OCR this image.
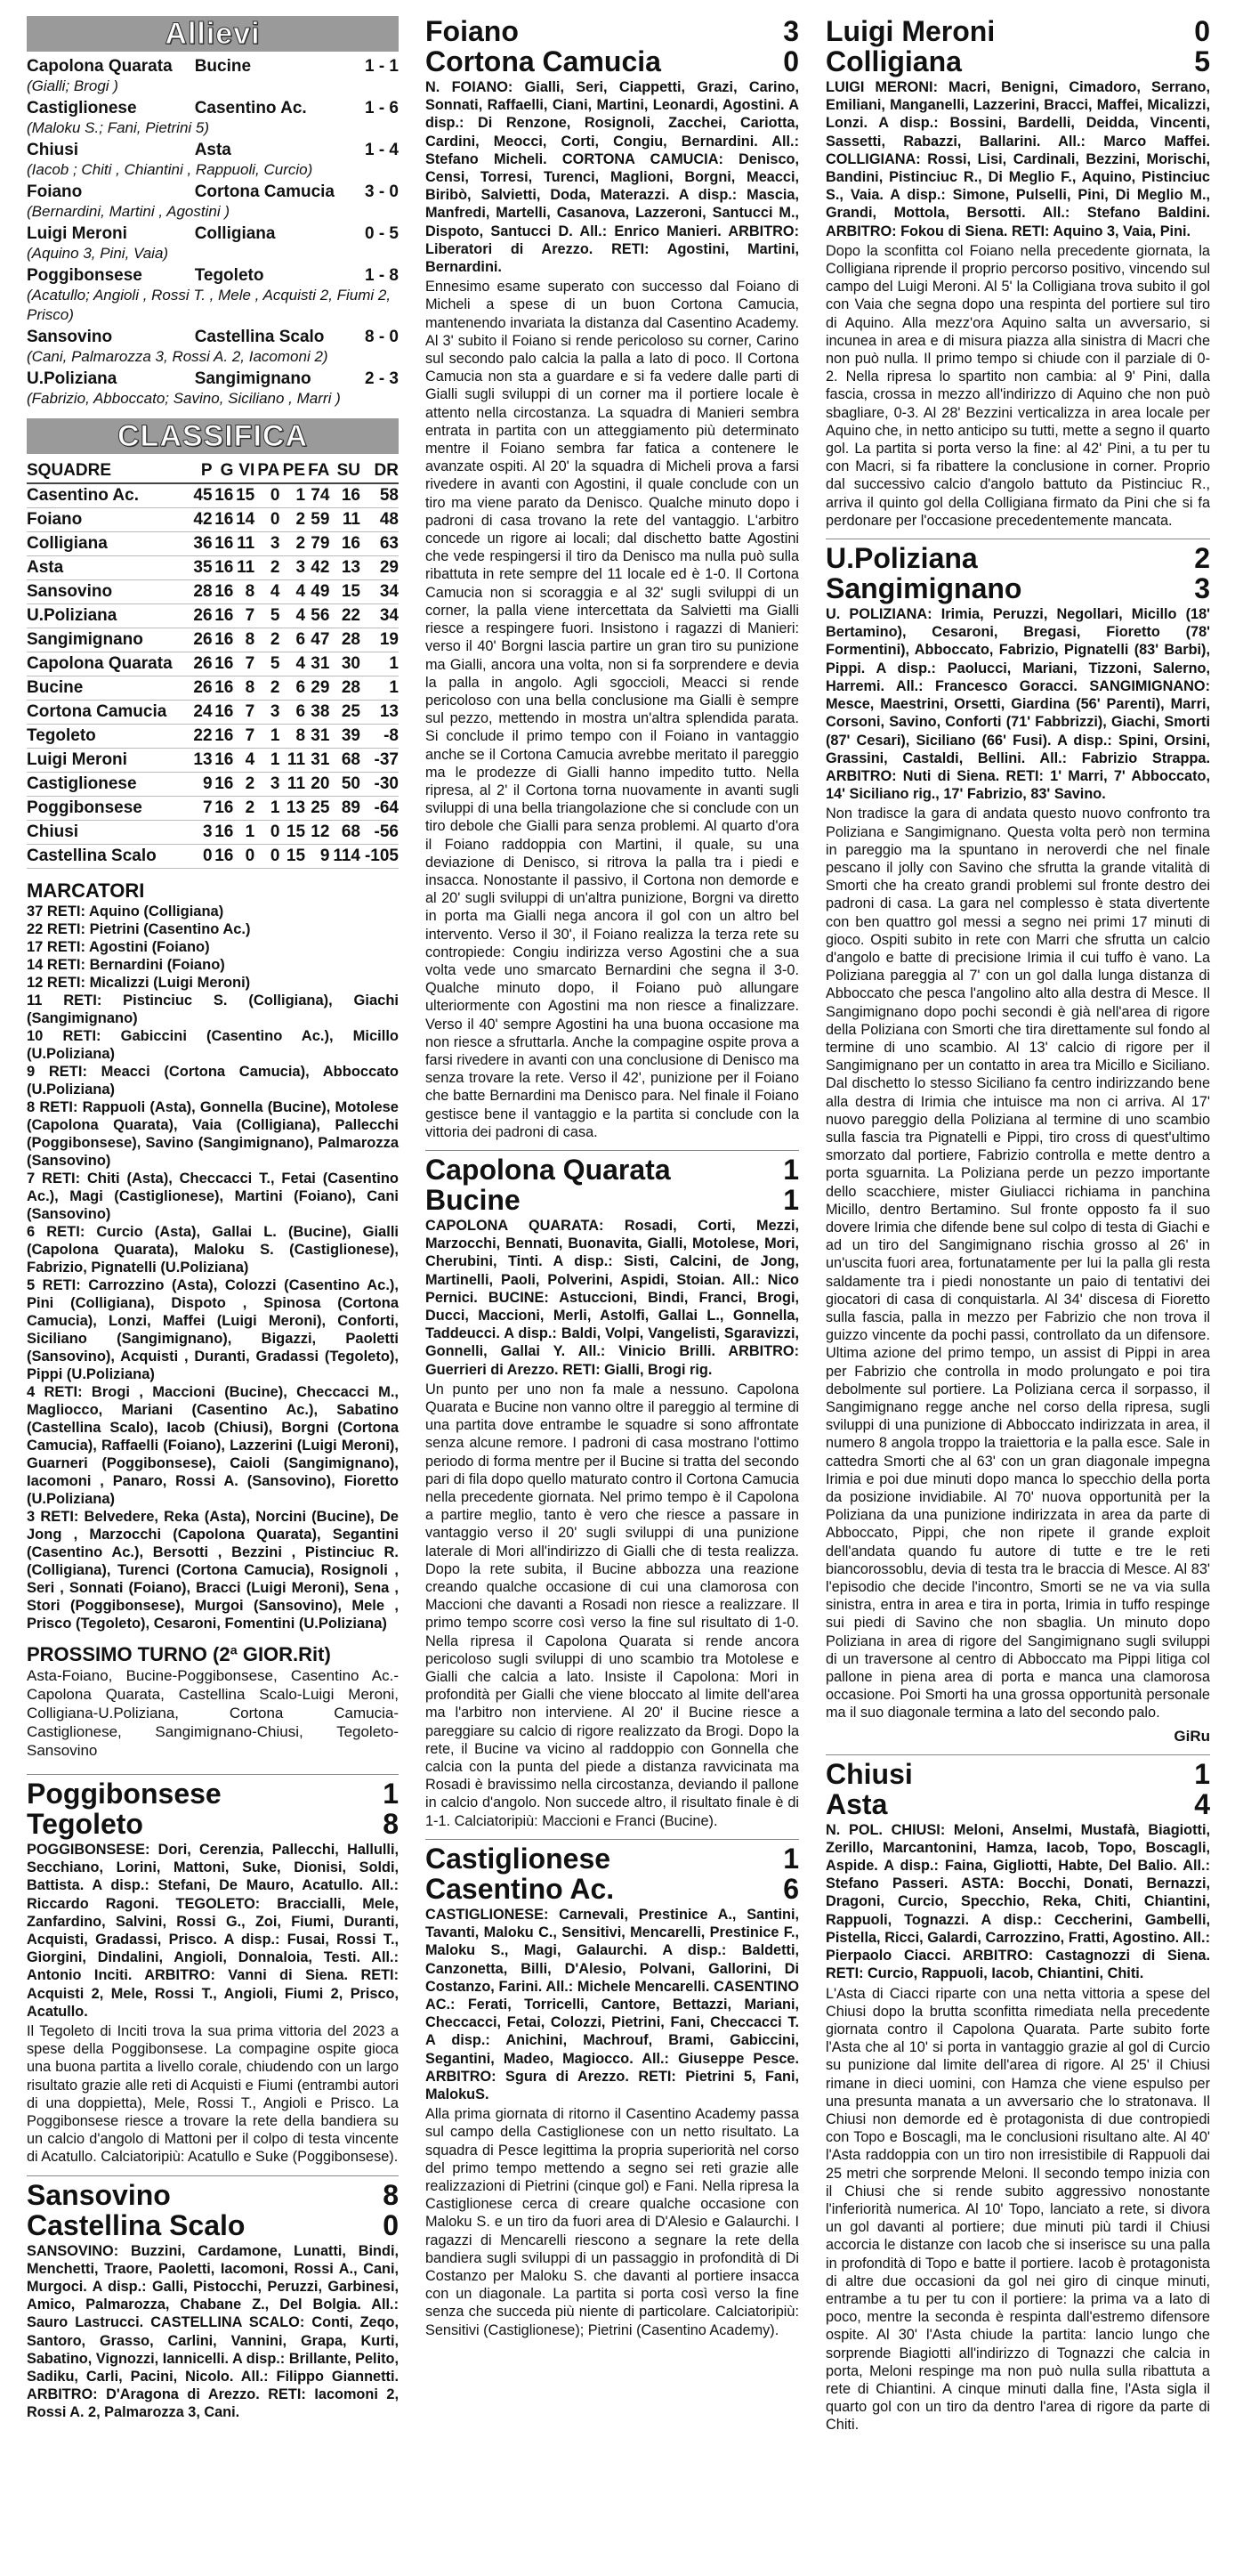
Allievi
Capolona Quarata	Bucine	1 - 1
(Gialli; Brogi )		
Castiglionese	Casentino Ac.	1 - 6
(Maloku S.; Fani, Pietrini 5)		
Chiusi	Asta	1 - 4
(Iacob ; Chiti , Chiantini , Rappuoli, Curcio)		
Foiano	Cortona Camucia	3 - 0
(Bernardini, Martini , Agostini )		
Luigi Meroni	Colligiana	0 - 5
(Aquino 3, Pini, Vaia)		
Poggibonsese	Tegoleto	1 - 8
(Acatullo; Angioli , Rossi T. , Mele , Acquisti 2, Fiumi 2, Prisco)		
Sansovino	Castellina Scalo	8 - 0
(Cani, Palmarozza 3, Rossi A. 2, Iacomoni 2)		
U.Poliziana	Sangimignano	2 - 3
(Fabrizio, Abboccato; Savino, Siciliano , Marri )		
CLASSIFICA
SQUADRE	P	G	VI	PA	PE	FA	SU	DR
Casentino Ac.	45	16	15	0	1	74	16	58
Foiano	42	16	14	0	2	59	11	48
Colligiana	36	16	11	3	2	79	16	63
Asta	35	16	11	2	3	42	13	29
Sansovino	28	16	8	4	4	49	15	34
U.Poliziana	26	16	7	5	4	56	22	34
Sangimignano	26	16	8	2	6	47	28	19
Capolona Quarata	26	16	7	5	4	31	30	1
Bucine	26	16	8	2	6	29	28	1
Cortona Camucia	24	16	7	3	6	38	25	13
Tegoleto	22	16	7	1	8	31	39	-8
Luigi Meroni	13	16	4	1	11	31	68	-37
Castiglionese	9	16	2	3	11	20	50	-30
Poggibonsese	7	16	2	1	13	25	89	-64
Chiusi	3	16	1	0	15	12	68	-56
Castellina Scalo	0	16	0	0	15	9	114	-105
MARCATORI

37 RETI: Aquino (Colligiana)

22 RETI: Pietrini (Casentino Ac.)

17 RETI: Agostini (Foiano)

14 RETI: Bernardini (Foiano)

12 RETI: Micalizzi (Luigi Meroni)

11 RETI: Pistinciuc S. (Colligiana), Giachi (Sangimignano)

10 RETI: Gabiccini (Casentino Ac.), Micillo (U.Poliziana)

9 RETI: Meacci (Cortona Camucia), Abboccato (U.Poliziana)

8 RETI: Rappuoli (Asta), Gonnella (Bucine), Motolese (Capolona Quarata), Vaia (Colligiana), Pallecchi (Poggibonsese), Savino (Sangimignano), Palmarozza (Sansovino)

7 RETI: Chiti (Asta), Checcacci T., Fetai (Casentino Ac.), Magi (Castiglionese), Martini (Foiano), Cani (Sansovino)

6 RETI: Curcio (Asta), Gallai L. (Bucine), Gialli (Capolona Quarata), Maloku S. (Castiglionese), Fabrizio, Pignatelli (U.Poliziana)

5 RETI: Carrozzino (Asta), Colozzi (Casentino Ac.), Pini (Colligiana), Dispoto , Spinosa (Cortona Camucia), Lonzi, Maffei (Luigi Meroni), Conforti, Siciliano (Sangimignano), Bigazzi, Paoletti (Sansovino), Acquisti , Duranti, Gradassi (Tegoleto), Pippi (U.Poliziana)

4 RETI: Brogi , Maccioni (Bucine), Checcacci M., Magliocco, Mariani (Casentino Ac.), Sabatino (Castellina Scalo), Iacob (Chiusi), Borgni (Cortona Camucia), Raffaelli (Foiano), Lazzerini (Luigi Meroni), Guarneri (Poggibonsese), Caioli (Sangimignano), Iacomoni , Panaro, Rossi A. (Sansovino), Fioretto (U.Poliziana)

3 RETI: Belvedere, Reka (Asta), Norcini (Bucine), De Jong , Marzocchi (Capolona Quarata), Segantini (Casentino Ac.), Bersotti , Bezzini , Pistinciuc R. (Colligiana), Turenci (Cortona Camucia), Rosignoli , Seri , Sonnati (Foiano), Bracci (Luigi Meroni), Sena , Stori (Poggibonsese), Murgoi (Sansovino), Mele , Prisco (Tegoleto), Cesaroni, Fomentini (U.Poliziana)

PROSSIMO TURNO (2ª GIOR.Rit)

Asta-Foiano, Bucine-Poggibonsese, Casentino Ac.-Capolona Quarata, Castellina Scalo-Luigi Meroni, Colligiana-U.Poliziana, Cortona Camucia-Castiglionese, Sangimignano-Chiusi, Tegoleto-Sansovino

Poggibonsese	1
Tegoleto	8

POGGIBONSESE: Dori, Cerenzia, Pallecchi, Hallulli, Secchiano, Lorini, Mattoni, Suke, Dionisi, Soldi, Battista. A disp.: Stefani, De Mauro, Acatullo. All.: Riccardo Ragoni. TEGOLETO: Braccialli, Mele, Zanfardino, Salvini, Rossi G., Zoi, Fiumi, Duranti, Acquisti, Gradassi, Prisco. A disp.: Fusai, Rossi T., Giorgini, Dindalini, Angioli, Donnaloia, Testi. All.: Antonio Inciti. ARBITRO: Vanni di Siena. RETI: Acquisti 2, Mele, Rossi T., Angioli, Fiumi 2, Prisco, Acatullo.

Il Tegoleto di Inciti trova la sua prima vittoria del 2023 a spese della Poggibonsese. La compagine ospite gioca una buona partita a livello corale, chiudendo con un largo risultato grazie alle reti di Acquisti e Fiumi (entrambi autori di una doppietta), Mele, Rossi T., Angioli e Prisco. La Poggibonsese riesce a trovare la rete della bandiera su un calcio d'angolo di Mattoni per il colpo di testa vincente di Acatullo. Calciatoripiù: Acatullo e Suke (Poggibonsese).

Sansovino	8
Castellina Scalo	0

SANSOVINO: Buzzini, Cardamone, Lunatti, Bindi, Menchetti, Traore, Paoletti, Iacomoni, Rossi A., Cani, Murgoci. A disp.: Galli, Pistocchi, Peruzzi, Garbinesi, Amico, Palmarozza, Chabane Z., Del Bolgia. All.: Sauro Lastrucci. CASTELLINA SCALO: Conti, Zeqo, Santoro, Grasso, Carlini, Vannini, Grapa, Kurti, Sabatino, Vignozzi, Iannicelli. A disp.: Brillante, Pelito, Sadiku, Carli, Pacini, Nicolo. All.: Filippo Giannetti. ARBITRO: D'Aragona di Arezzo. RETI: Iacomoni 2, Rossi A. 2, Palmarozza 3, Cani.

Foiano	3
Cortona Camucia	0

N. FOIANO: Gialli, Seri, Ciappetti, Grazi, Carino, Sonnati, Raffaelli, Ciani, Martini, Leonardi, Agostini. A disp.: Di Renzone, Rosignoli, Zacchei, Cariotta, Cardini, Meocci, Corti, Congiu, Bernardini. All.: Stefano Micheli. CORTONA CAMUCIA: Denisco, Censi, Torresi, Turenci, Maglioni, Borgni, Meacci, Biribò, Salvietti, Doda, Materazzi. A disp.: Mascia, Manfredi, Martelli, Casanova, Lazzeroni, Santucci M., Dispoto, Santucci D. All.: Enrico Manieri. ARBITRO: Liberatori di Arezzo. RETI: Agostini, Martini, Bernardini.

Ennesimo esame superato con successo dal Foiano di Micheli a spese di un buon Cortona Camucia, mantenendo invariata la distanza dal Casentino Academy. Al 3' subito il Foiano si rende pericoloso su corner, Carino sul secondo palo calcia la palla a lato di poco. Il Cortona Camucia non sta a guardare e si fa vedere dalle parti di Gialli sugli sviluppi di un corner ma il portiere locale è attento nella circostanza. La squadra di Manieri sembra entrata in partita con un atteggiamento più determinato mentre il Foiano sembra far fatica a contenere le avanzate ospiti. Al 20' la squadra di Micheli prova a farsi rivedere in avanti con Agostini, il quale conclude con un tiro ma viene parato da Denisco. Qualche minuto dopo i padroni di casa trovano la rete del vantaggio. L'arbitro concede un rigore ai locali; dal dischetto batte Agostini che vede respingersi il tiro da Denisco ma nulla può sulla ribattuta in rete sempre del 11 locale ed è 1-0. Il Cortona Camucia non si scoraggia e al 32' sugli sviluppi di un corner, la palla viene intercettata da Salvietti ma Gialli riesce a respingere fuori. Insistono i ragazzi di Manieri: verso il 40' Borgni lascia partire un gran tiro su punizione ma Gialli, ancora una volta, non si fa sorprendere e devia la palla in angolo. Agli sgoccioli, Meacci si rende pericoloso con una bella conclusione ma Gialli è sempre sul pezzo, mettendo in mostra un'altra splendida parata. Si conclude il primo tempo con il Foiano in vantaggio anche se il Cortona Camucia avrebbe meritato il pareggio ma le prodezze di Gialli hanno impedito tutto. Nella ripresa, al 2' il Cortona torna nuovamente in avanti sugli sviluppi di una bella triangolazione che si conclude con un tiro debole che Gialli para senza problemi. Al quarto d'ora il Foiano raddoppia con Martini, il quale, su una deviazione di Denisco, si ritrova la palla tra i piedi e insacca. Nonostante il passivo, il Cortona non demorde e al 20' sugli sviluppi di un'altra punizione, Borgni va diretto in porta ma Gialli nega ancora il gol con un altro bel intervento. Verso il 30', il Foiano realizza la terza rete su contropiede: Congiu indirizza verso Agostini che a sua volta vede uno smarcato Bernardini che segna il 3-0. Qualche minuto dopo, il Foiano può allungare ulteriormente con Agostini ma non riesce a finalizzare. Verso il 40' sempre Agostini ha una buona occasione ma non riesce a sfruttarla. Anche la compagine ospite prova a farsi rivedere in avanti con una conclusione di Denisco ma senza trovare la rete. Verso il 42', punizione per il Foiano che batte Bernardini ma Denisco para. Nel finale il Foiano gestisce bene il vantaggio e la partita si conclude con la vittoria dei padroni di casa.

Capolona Quarata	1
Bucine	1

CAPOLONA QUARATA: Rosadi, Corti, Mezzi, Marzocchi, Bennati, Buonavita, Gialli, Motolese, Mori, Cherubini, Tinti. A disp.: Sisti, Calcini, de Jong, Martinelli, Paoli, Polverini, Aspidi, Stoian. All.: Nico Pernici. BUCINE: Astuccioni, Bindi, Franci, Brogi, Ducci, Maccioni, Merli, Astolfi, Gallai L., Gonnella, Taddeucci. A disp.: Baldi, Volpi, Vangelisti, Sgaravizzi, Gonnelli, Gallai Y. All.: Vinicio Brilli. ARBITRO: Guerrieri di Arezzo. RETI: Gialli, Brogi rig.

Un punto per uno non fa male a nessuno. Capolona Quarata e Bucine non vanno oltre il pareggio al termine di una partita dove entrambe le squadre si sono affrontate senza alcune remore. I padroni di casa mostrano l'ottimo periodo di forma mentre per il Bucine si tratta del secondo pari di fila dopo quello maturato contro il Cortona Camucia nella precedente giornata. Nel primo tempo è il Capolona a partire meglio, tanto è vero che riesce a passare in vantaggio verso il 20' sugli sviluppi di una punizione laterale di Mori all'indirizzo di Gialli che di testa realizza. Dopo la rete subita, il Bucine abbozza una reazione creando qualche occasione di cui una clamorosa con Maccioni che davanti a Rosadi non riesce a realizzare. Il primo tempo scorre così verso la fine sul risultato di 1-0. Nella ripresa il Capolona Quarata si rende ancora pericoloso sugli sviluppi di uno scambio tra Motolese e Gialli che calcia a lato. Insiste il Capolona: Mori in profondità per Gialli che viene bloccato al limite dell'area ma l'arbitro non interviene. Al 20' il Bucine riesce a pareggiare su calcio di rigore realizzato da Brogi. Dopo la rete, il Bucine va vicino al raddoppio con Gonnella che calcia con la punta del piede a distanza ravvicinata ma Rosadi è bravissimo nella circostanza, deviando il pallone in calcio d'angolo. Non succede altro, il risultato finale è di 1-1. Calciatoripiù: Maccioni e Franci (Bucine).

Castiglionese	1
Casentino Ac.	6

CASTIGLIONESE: Carnevali, Prestinice A., Santini, Tavanti, Maloku C., Sensitivi, Mencarelli, Prestinice F., Maloku S., Magi, Galaurchi. A disp.: Baldetti, Canzonetta, Billi, D'Alesio, Polvani, Gallorini, Di Costanzo, Farini. All.: Michele Mencarelli. CASENTINO AC.: Ferati, Torricelli, Cantore, Bettazzi, Mariani, Checcacci, Fetai, Colozzi, Pietrini, Fani, Checcacci T. A disp.: Anichini, Machrouf, Brami, Gabiccini, Segantini, Madeo, Magiocco. All.: Giuseppe Pesce. ARBITRO: Sgura di Arezzo. RETI: Pietrini 5, Fani, MalokuS.

Alla prima giornata di ritorno il Casentino Academy passa sul campo della Castiglionese con un netto risultato. La squadra di Pesce legittima la propria superiorità nel corso del primo tempo mettendo a segno sei reti grazie alle realizzazioni di Pietrini (cinque gol) e Fani. Nella ripresa la Castiglionese cerca di creare qualche occasione con Maloku S. e un tiro da fuori area di D'Alesio e Galaurchi. I ragazzi di Mencarelli riescono a segnare la rete della bandiera sugli sviluppi di un passaggio in profondità di Di Costanzo per Maloku S. che davanti al portiere insacca con un diagonale. La partita si porta così verso la fine senza che succeda più niente di particolare. Calciatoripiù: Sensitivi (Castiglionese); Pietrini (Casentino Academy).

Luigi Meroni	0
Colligiana	5

LUIGI MERONI: Macri, Benigni, Cimadoro, Serrano, Emiliani, Manganelli, Lazzerini, Bracci, Maffei, Micalizzi, Lonzi. A disp.: Bossini, Bardelli, Deidda, Vincenti, Sassetti, Rabazzi, Ballarini. All.: Marco Maffei. COLLIGIANA: Rossi, Lisi, Cardinali, Bezzini, Morischi, Bandini, Pistinciuc R., Di Meglio F., Aquino, Pistinciuc S., Vaia. A disp.: Simone, Pulselli, Pini, Di Meglio M., Grandi, Mottola, Bersotti. All.: Stefano Baldini. ARBITRO: Fokou di Siena. RETI: Aquino 3, Vaia, Pini.

Dopo la sconfitta col Foiano nella precedente giornata, la Colligiana riprende il proprio percorso positivo, vincendo sul campo del Luigi Meroni. Al 5' la Colligiana trova subito il gol con Vaia che segna dopo una respinta del portiere sul tiro di Aquino. Alla mezz'ora Aquino salta un avversario, si incunea in area e di misura piazza alla sinistra di Macri che non può nulla. Il primo tempo si chiude con il parziale di 0-2. Nella ripresa lo spartito non cambia: al 9' Pini, dalla fascia, crossa in mezzo all'indirizzo di Aquino che non può sbagliare, 0-3. Al 28' Bezzini verticalizza in area locale per Aquino che, in netto anticipo su tutti, mette a segno il quarto gol. La partita si porta verso la fine: al 42' Pini, a tu per tu con Macri, si fa ribattere la conclusione in corner. Proprio dal successivo calcio d'angolo battuto da Pistinciuc R., arriva il quinto gol della Colligiana firmato da Pini che si fa perdonare per l'occasione precedentemente mancata.

U.Poliziana	2
Sangimignano	3

U. POLIZIANA: Irimia, Peruzzi, Negollari, Micillo (18' Bertamino), Cesaroni, Bregasi, Fioretto (78' Formentini), Abboccato, Fabrizio, Pignatelli (83' Barbi), Pippi. A disp.: Paolucci, Mariani, Tizzoni, Salerno, Harremi. All.: Francesco Goracci. SANGIMIGNANO: Mesce, Maestrini, Orsetti, Giardina (56' Parenti), Marri, Corsoni, Savino, Conforti (71' Fabbrizzi), Giachi, Smorti (87' Cesari), Siciliano (66' Fusi). A disp.: Spini, Orsini, Grassini, Castaldi, Bellini. All.: Fabrizio Strappa. ARBITRO: Nuti di Siena. RETI: 1' Marri, 7' Abboccato, 14' Siciliano rig., 17' Fabrizio, 83' Savino.

Non tradisce la gara di andata questo nuovo confronto tra Poliziana e Sangimignano. Questa volta però non termina in pareggio ma la spuntano in neroverdi che nel finale pescano il jolly con Savino che sfrutta la grande vitalità di Smorti che ha creato grandi problemi sul fronte destro dei padroni di casa. La gara nel complesso è stata divertente con ben quattro gol messi a segno nei primi 17 minuti di gioco. Ospiti subito in rete con Marri che sfrutta un calcio d'angolo e batte di precisione Irimia il cui tuffo è vano. La Poliziana pareggia al 7' con un gol dalla lunga distanza di Abboccato che pesca l'angolino alto alla destra di Mesce. Il Sangimignano dopo pochi secondi è già nell'area di rigore della Poliziana con Smorti che tira direttamente sul fondo al termine di uno scambio. Al 13' calcio di rigore per il Sangimignano per un contatto in area tra Micillo e Siciliano. Dal dischetto lo stesso Siciliano fa centro indirizzando bene alla destra di Irimia che intuisce ma non ci arriva. Al 17' nuovo pareggio della Poliziana al termine di uno scambio sulla fascia tra Pignatelli e Pippi, tiro cross di quest'ultimo smorzato dal portiere, Fabrizio controlla e mette dentro a porta sguarnita. La Poliziana perde un pezzo importante dello scacchiere, mister Giuliacci richiama in panchina Micillo, dentro Bertamino. Sul fronte opposto fa il suo dovere Irimia che difende bene sul colpo di testa di Giachi e ad un tiro del Sangimignano rischia grosso al 26' in un'uscita fuori area, fortunatamente per lui la palla gli resta saldamente tra i piedi nonostante un paio di tentativi dei giocatori di casa di conquistarla. Al 34' discesa di Fioretto sulla fascia, palla in mezzo per Fabrizio che non trova il guizzo vincente da pochi passi, controllato da un difensore. Ultima azione del primo tempo, un assist di Pippi in area per Fabrizio che controlla in modo prolungato e poi tira debolmente sul portiere. La Poliziana cerca il sorpasso, il Sangimignano regge anche nel corso della ripresa, sugli sviluppi di una punizione di Abboccato indirizzata in area, il numero 8 angola troppo la traiettoria e la palla esce. Sale in cattedra Smorti che al 63' con un gran diagonale impegna Irimia e poi due minuti dopo manca lo specchio della porta da posizione invidiabile. Al 70' nuova opportunità per la Poliziana da una punizione indirizzata in area da parte di Abboccato, Pippi, che non ripete il grande exploit dell'andata quando fu autore di tutte e tre le reti biancorossoblu, devia di testa tra le braccia di Mesce. Al 83' l'episodio che decide l'incontro, Smorti se ne va via sulla sinistra, entra in area e tira in porta, Irimia in tuffo respinge sui piedi di Savino che non sbaglia. Un minuto dopo Poliziana in area di rigore del Sangimignano sugli sviluppi di un traversone al centro di Abboccato ma Pippi litiga col pallone in piena area di porta e manca una clamorosa occasione. Poi Smorti ha una grossa opportunità personale ma il suo diagonale termina a lato del secondo palo.

GiRu
Chiusi	1
Asta	4

N. POL. CHIUSI: Meloni, Anselmi, Mustafà, Biagiotti, Zerillo, Marcantonini, Hamza, Iacob, Topo, Boscagli, Aspide. A disp.: Faina, Gigliotti, Habte, Del Balio. All.: Stefano Passeri. ASTA: Bocchi, Donati, Bernazzi, Dragoni, Curcio, Specchio, Reka, Chiti, Chiantini, Rappuoli, Tognazzi. A disp.: Ceccherini, Gambelli, Pistella, Ricci, Galardi, Carrozzino, Fratti, Agostino. All.: Pierpaolo Ciacci. ARBITRO: Castagnozzi di Siena. RETI: Curcio, Rappuoli, Iacob, Chiantini, Chiti.

L'Asta di Ciacci riparte con una netta vittoria a spese del Chiusi dopo la brutta sconfitta rimediata nella precedente giornata contro il Capolona Quarata. Parte subito forte l'Asta che al 10' si porta in vantaggio grazie al gol di Curcio su punizione dal limite dell'area di rigore. Al 25' il Chiusi rimane in dieci uomini, con Hamza che viene espulso per una presunta manata a un avversario che lo stratonava. Il Chiusi non demorde ed è protagonista di due contropiedi con Topo e Boscagli, ma le conclusioni risultano alte. Al 40' l'Asta raddoppia con un tiro non irresistibile di Rappuoli dai 25 metri che sorprende Meloni. Il secondo tempo inizia con il Chiusi che si rende subito aggressivo nonostante l'inferiorità numerica. Al 10' Topo, lanciato a rete, si divora un gol davanti al portiere; due minuti più tardi il Chiusi accorcia le distanze con Iacob che si inserisce su una palla in profondità di Topo e batte il portiere. Iacob è protagonista di altre due occasioni da gol nei giro di cinque minuti, entrambe a tu per tu con il portiere: la prima va a lato di poco, mentre la seconda è respinta dall'estremo difensore ospite. Al 30' l'Asta chiude la partita: lancio lungo che sorprende Biagiotti all'indirizzo di Tognazzi che calcia in porta, Meloni respinge ma non può nulla sulla ribattuta a rete di Chiantini. A cinque minuti dalla fine, l'Asta sigla il quarto gol con un tiro da dentro l'area di rigore da parte di Chiti.
